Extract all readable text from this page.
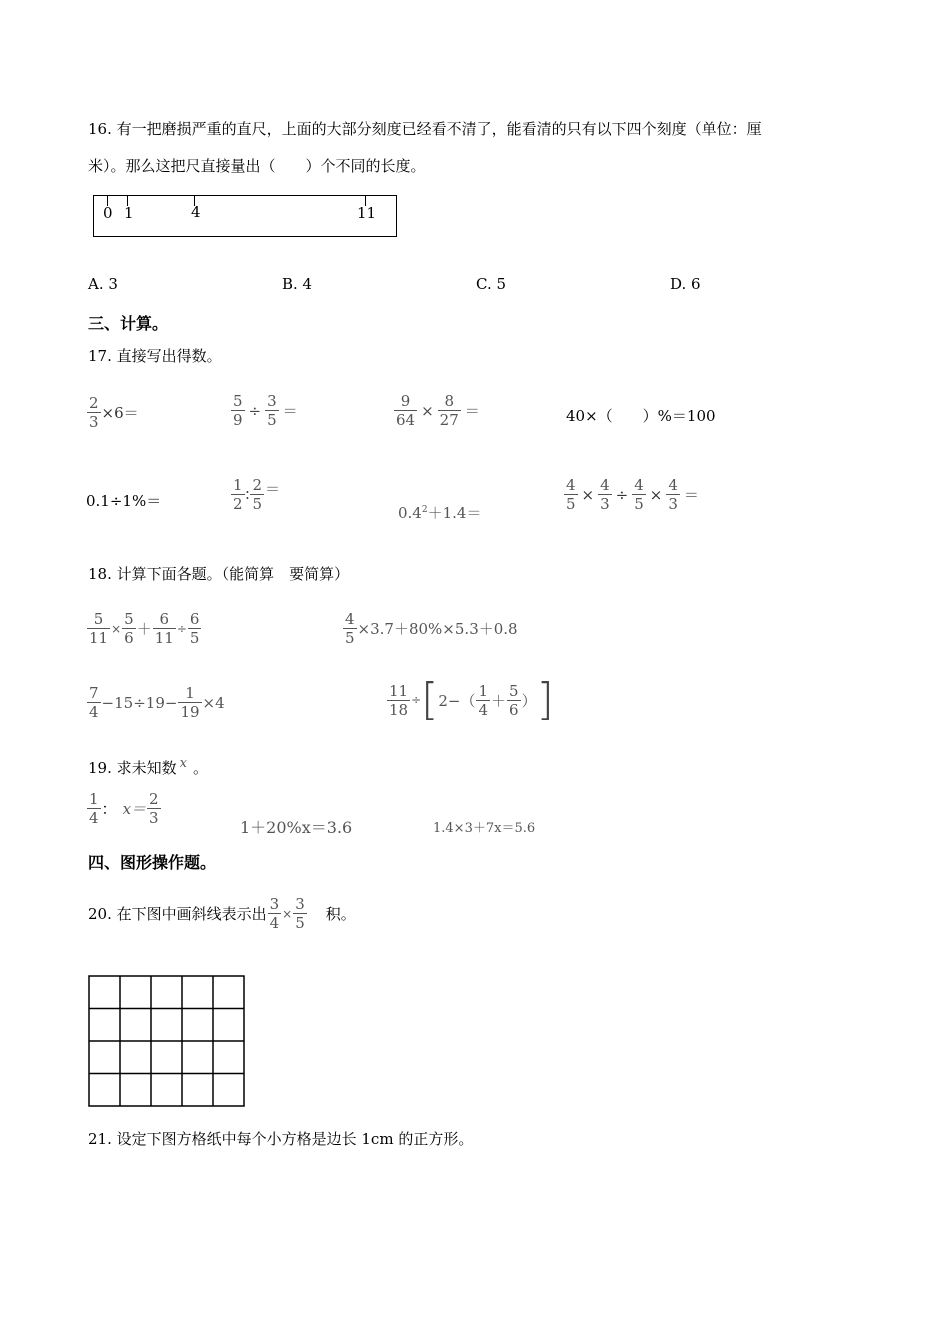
16. 有一把磨损严重的直尺，上面的大部分刻度已经看不清了，能看清的只有以下四个刻度（单位：厘
米）。那么这把尺直接量出（　　）个不同的长度。
0 1	4	11
A. 3	B. 4	C. 5	D. 6
三、计算。
17. 直接写出得数。
$\frac{2}{3} \times 6=$	$\frac{5}{9} \div \frac{3}{5}$ ＝	$\frac{9}{64} \times \frac{8}{27}$ ＝	40×（　　）%＝100
0.1÷1%＝	$\frac{1}{2}$ ∶ $\frac{2}{5}$ ＝
$0.4^2+1.4=$	$\frac{4}{5} \times \frac{4}{3} \div \frac{4}{5} \times \frac{4}{3}$ ＝
18. 计算下面各题。（能简算　要简算）
$\frac{5}{11} \times \frac{5}{6} + \frac{6}{11} \div \frac{6}{5}$	$\frac{4}{5} \times 3.7+80\%\times 5.3+0.8$
$\frac{7}{4} -15\div 19- \frac{1}{19} \times 4$	$\frac{11}{18}$ ÷ [ $2-( \frac{1}{4} + \frac{5}{6}$ ） ]
19. 求未知数 x 。
$\frac{1}{4}$ ： $x= \frac{2}{3}$
1＋20%x＝3.6	1.4×3＋7x＝5.6
四、图形操作题。
20. 在下图中画斜线表示出 $\frac{3}{4} \times \frac{3}{5}$ 积。
21. 设定下图方格纸中每个小方格是边长 1cm 的正方形。
